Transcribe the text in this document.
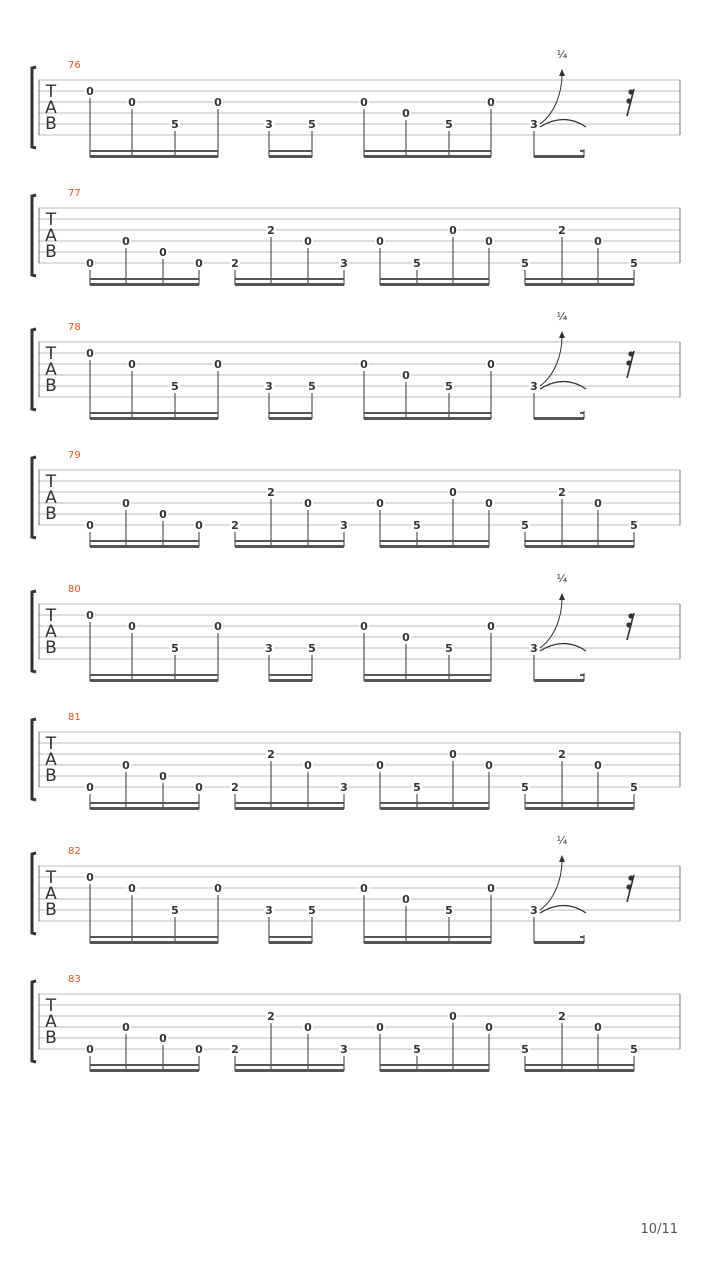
T
A
B
76
0
0
5
0
3	5
0
0
5
0
3
¼
T
A
B
77
0
0
0
0	2
2
0
3
0
5
0
0
5
2
0
5
T
A
B
78
0
0
5
0
3	5
0
0
5
0
3
¼
T
A
B
79
0
0
0
0	2
2
0
3
0
5
0
0
5
2
0
5
T
A
B
80
0
0
5
0
3	5
0
0
5
0
3
¼
T
A
B
81
0
0
0
0	2
2
0
3
0
5
0
0
5
2
0
5
T
A
B
82
0
0
5
0
3	5
0
0
5
0
3
¼
T
A
B
83
0
0
0
0	2
2
0
3
0
5
0
0
5
2
0
5
10/11
